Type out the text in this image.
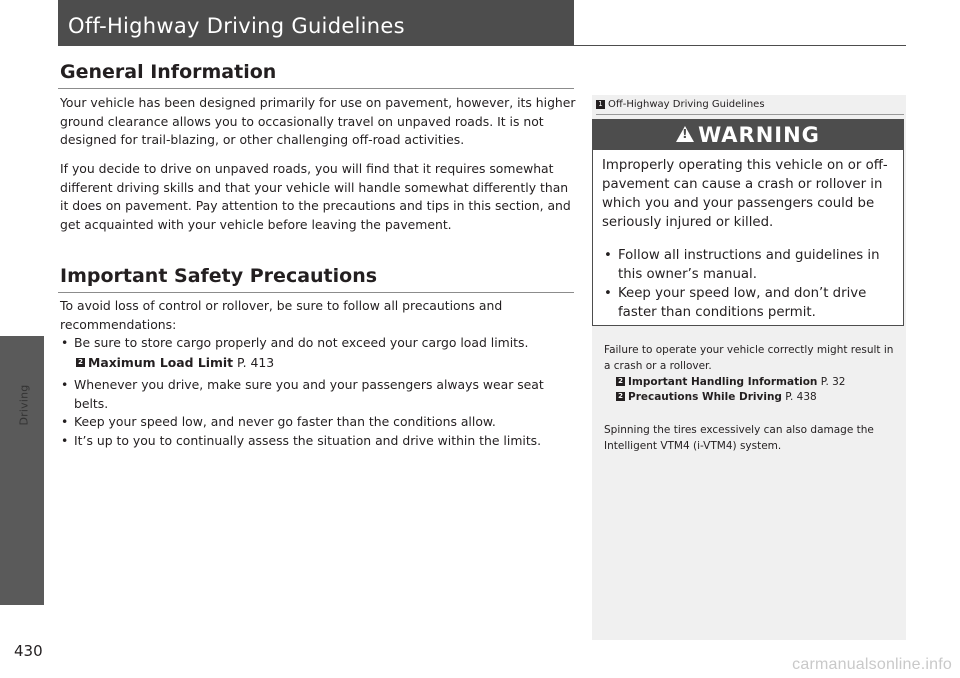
Driving
Off-Highway Driving Guidelines
General Information

Your vehicle has been designed primarily for use on pavement, however, its higher ground clearance allows you to occasionally travel on unpaved roads. It is not designed for trail-blazing, or other challenging off-road activities.

If you decide to drive on unpaved roads, you will find that it requires somewhat different driving skills and that your vehicle will handle somewhat differently than it does on pavement. Pay attention to the precautions and tips in this section, and get acquainted with your vehicle before leaving the pavement.

Important Safety Precautions

To avoid loss of control or rollover, be sure to follow all precautions and recommendations:

• Be sure to store cargo properly and do not exceed your cargo load limits.
2 Maximum Load Limit P. 413
• Whenever you drive, make sure you and your passengers always wear seat belts.
• Keep your speed low, and never go faster than the conditions allow.
• It’s up to you to continually assess the situation and drive within the limits.
1 Off-Highway Driving Guidelines
!
WARNING

Improperly operating this vehicle on or off-pavement can cause a crash or rollover in which you and your passengers could be seriously injured or killed.

• Follow all instructions and guidelines in this owner’s manual.
• Keep your speed low, and don’t drive faster than conditions permit.

Failure to operate your vehicle correctly might result in a crash or a rollover.

2 Important Handling Information P. 32
2 Precautions While Driving P. 438

Spinning the tires excessively can also damage the Intelligent VTM4 (i-VTM4) system.

430
carmanualsonline.info
